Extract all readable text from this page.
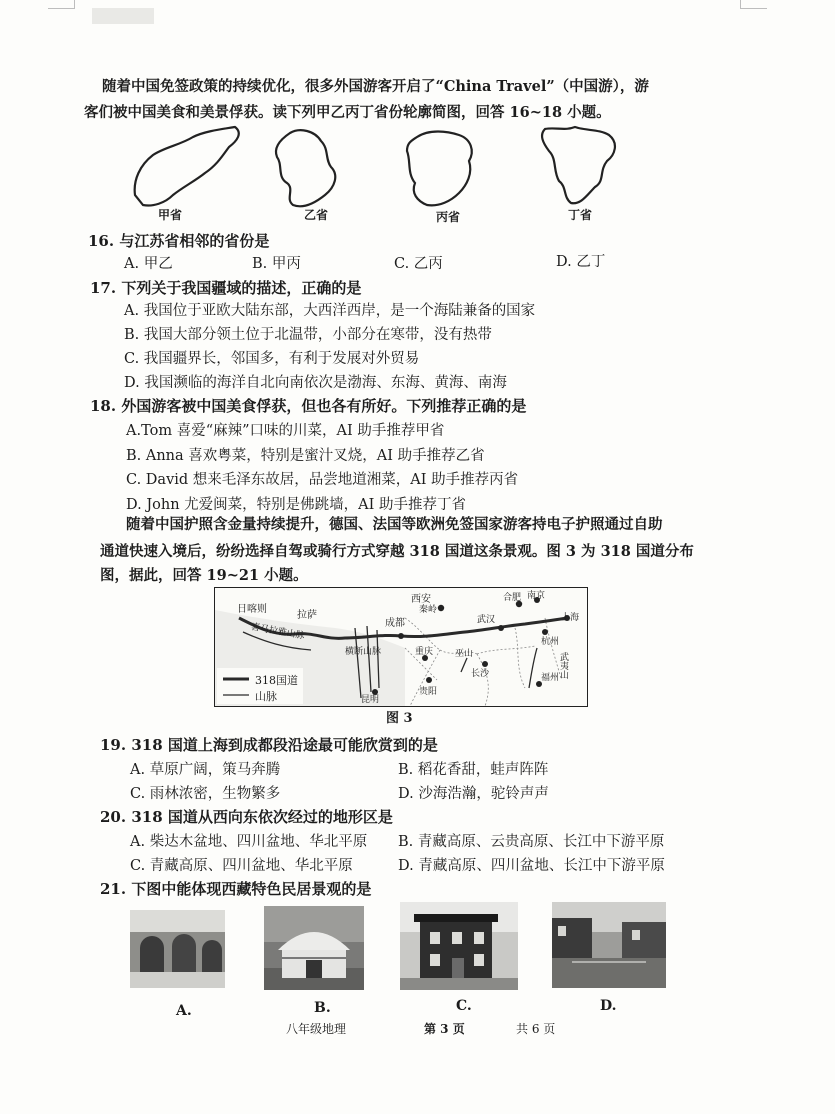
随着中国免签政策的持续优化，很多外国游客开启了“China Travel”（中国游），游
客们被中国美食和美景俘获。读下列甲乙丙丁省份轮廓简图，回答 16~18 小题。
甲省	乙省	丙省	丁省
16. 与江苏省相邻的省份是
A. 甲乙	B. 甲丙	C. 乙丙	D. 乙丁
17. 下列关于我国疆域的描述，正确的是
A. 我国位于亚欧大陆东部，大西洋西岸，是一个海陆兼备的国家
B. 我国大部分领土位于北温带，小部分在寒带，没有热带
C. 我国疆界长，邻国多，有利于发展对外贸易
D. 我国濒临的海洋自北向南依次是渤海、东海、黄海、南海
18. 外国游客被中国美食俘获，但也各有所好。下列推荐正确的是
A.Tom 喜爱“麻辣”口味的川菜，AI 助手推荐甲省
B. Anna 喜欢粤菜，特别是蜜汁叉烧，AI 助手推荐乙省
C. David 想来毛泽东故居，品尝地道湘菜，AI 助手推荐丙省
D. John 尤爱闽菜，特别是佛跳墙，AI 助手推荐丁省
随着中国护照含金量持续提升，德国、法国等欧洲免签国家游客持电子护照通过自助
通道快速入境后，纷纷选择自驾或骑行方式穿越 318 国道这条景观。图 3 为 318 国道分布
图，据此，回答 19~21 小题。
日喀则
拉萨
西安
秦岭
合肥 南京
上海
成都	武汉
杭州
重庆
长沙
贵阳
昆明
福州
喜马拉雅山脉
横断山脉	武夷山
巫山
318国道
山脉
图 3
19. 318 国道上海到成都段沿途最可能欣赏到的是
A. 草原广阔，策马奔腾	B. 稻花香甜，蛙声阵阵
C. 雨林浓密，生物繁多	D. 沙海浩瀚，驼铃声声
20. 318 国道从西向东依次经过的地形区是
A. 柴达木盆地、四川盆地、华北平原 B. 青藏高原、云贵高原、长江中下游平原
C. 青藏高原、四川盆地、华北平原	D. 青藏高原、四川盆地、长江中下游平原
21. 下图中能体现西藏特色民居景观的是
A.	B.	C.	D.
八年级地理	第 3 页	共 6 页
